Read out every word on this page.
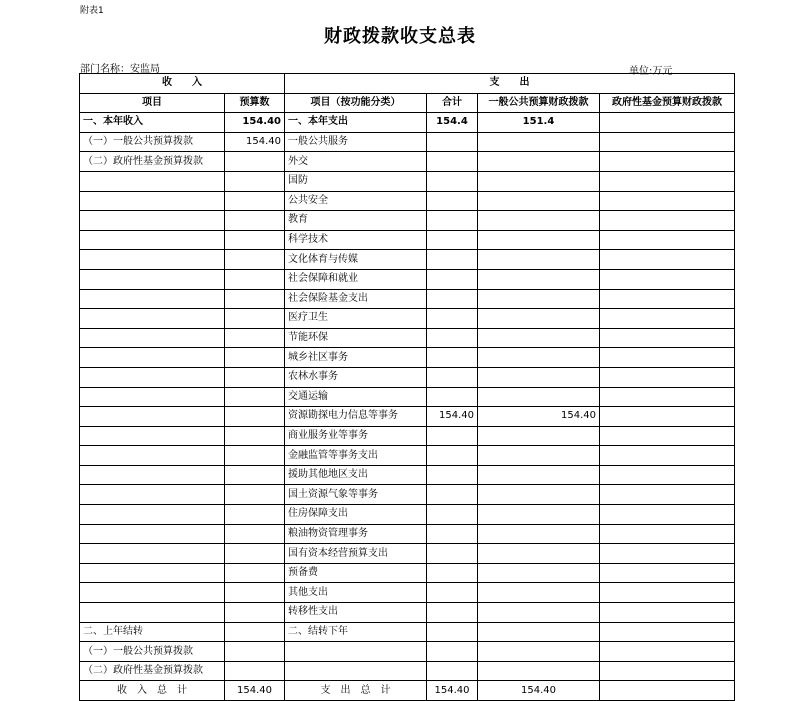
附表1
财政拨款收支总表
部门名称：安监局	单位:万元
收　　入		支　　出			
项目	预算数	项目（按功能分类）	合计	一般公共预算财政拨款	政府性基金预算财政拨款
一、本年收入	154.40	一、本年支出	154.4	151.4	
（一）一般公共预算拨款	154.40	一般公共服务			
（二）政府性基金预算拨款		外交			
		国防			
		公共安全			
		教育			
		科学技术			
		文化体育与传媒			
		社会保障和就业			
		社会保险基金支出			
		医疗卫生			
		节能环保			
		城乡社区事务			
		农林水事务			
		交通运输			
		资源勘探电力信息等事务	154.40	154.40	
		商业服务业等事务			
		金融监管等事务支出			
		援助其他地区支出			
		国土资源气象等事务			
		住房保障支出			
		粮油物资管理事务			
		国有资本经营预算支出			
		预备费			
		其他支出			
		转移性支出			
二、上年结转		二、结转下年			
（一）一般公共预算拨款					
（二）政府性基金预算拨款					
收　入　总　计	154.40	支　出　总　计	154.40	154.40	
